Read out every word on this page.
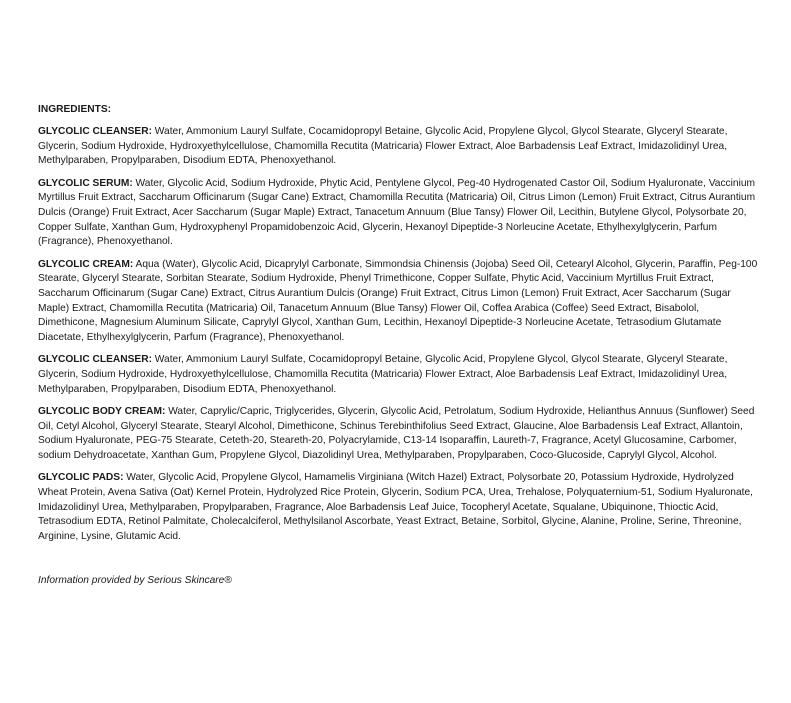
INGREDIENTS:

GLYCOLIC CLEANSER: Water, Ammonium Lauryl Sulfate, Cocamidopropyl Betaine, Glycolic Acid, Propylene Glycol, Glycol Stearate, Glyceryl Stearate, Glycerin, Sodium Hydroxide, Hydroxyethylcellulose, Chamomilla Recutita (Matricaria) Flower Extract, Aloe Barbadensis Leaf Extract, Imidazolidinyl Urea, Methylparaben, Propylparaben, Disodium EDTA, Phenoxyethanol.

GLYCOLIC SERUM: Water, Glycolic Acid, Sodium Hydroxide, Phytic Acid, Pentylene Glycol, Peg-40 Hydrogenated Castor Oil, Sodium Hyaluronate, Vaccinium Myrtillus Fruit Extract, Saccharum Officinarum (Sugar Cane) Extract, Chamomilla Recutita (Matricaria) Oil, Citrus Limon (Lemon) Fruit Extract, Citrus Aurantium Dulcis (Orange) Fruit Extract, Acer Saccharum (Sugar Maple) Extract, Tanacetum Annuum (Blue Tansy) Flower Oil, Lecithin, Butylene Glycol, Polysorbate 20, Copper Sulfate, Xanthan Gum, Hydroxyphenyl Propamidobenzoic Acid, Glycerin, Hexanoyl Dipeptide-3 Norleucine Acetate, Ethylhexylglycerin, Parfum (Fragrance), Phenoxyethanol.

GLYCOLIC CREAM: Aqua (Water), Glycolic Acid, Dicaprylyl Carbonate, Simmondsia Chinensis (Jojoba) Seed Oil, Cetearyl Alcohol, Glycerin, Paraffin, Peg-100 Stearate, Glyceryl Stearate, Sorbitan Stearate, Sodium Hydroxide, Phenyl Trimethicone, Copper Sulfate, Phytic Acid, Vaccinium Myrtillus Fruit Extract, Saccharum Officinarum (Sugar Cane) Extract, Citrus Aurantium Dulcis (Orange) Fruit Extract, Citrus Limon (Lemon) Fruit Extract, Acer Saccharum (Sugar Maple) Extract, Chamomilla Recutita (Matricaria) Oil, Tanacetum Annuum (Blue Tansy) Flower Oil, Coffea Arabica (Coffee) Seed Extract, Bisabolol, Dimethicone, Magnesium Aluminum Silicate, Caprylyl Glycol, Xanthan Gum, Lecithin, Hexanoyl Dipeptide-3 Norleucine Acetate, Tetrasodium Glutamate Diacetate, Ethylhexylglycerin, Parfum (Fragrance), Phenoxyethanol.

GLYCOLIC CLEANSER: Water, Ammonium Lauryl Sulfate, Cocamidopropyl Betaine, Glycolic Acid, Propylene Glycol, Glycol Stearate, Glyceryl Stearate, Glycerin, Sodium Hydroxide, Hydroxyethylcellulose, Chamomilla Recutita (Matricaria) Flower Extract, Aloe Barbadensis Leaf Extract, Imidazolidinyl Urea, Methylparaben, Propylparaben, Disodium EDTA, Phenoxyethanol.

GLYCOLIC BODY CREAM: Water, Caprylic/Capric, Triglycerides, Glycerin, Glycolic Acid, Petrolatum, Sodium Hydroxide, Helianthus Annuus (Sunflower) Seed Oil, Cetyl Alcohol, Glyceryl Stearate, Stearyl Alcohol, Dimethicone, Schinus Terebinthifolius Seed Extract, Glaucine, Aloe Barbadensis Leaf Extract, Allantoin, Sodium Hyaluronate, PEG-75 Stearate, Ceteth-20, Steareth-20, Polyacrylamide, C13-14 Isoparaffin, Laureth-7, Fragrance, Acetyl Glucosamine, Carbomer, sodium Dehydroacetate, Xanthan Gum, Propylene Glycol, Diazolidinyl Urea, Methylparaben, Propylparaben, Coco-Glucoside, Caprylyl Glycol, Alcohol.

GLYCOLIC PADS: Water, Glycolic Acid, Propylene Glycol, Hamamelis Virginiana (Witch Hazel) Extract, Polysorbate 20, Potassium Hydroxide, Hydrolyzed Wheat Protein, Avena Sativa (Oat) Kernel Protein, Hydrolyzed Rice Protein, Glycerin, Sodium PCA, Urea, Trehalose, Polyquaternium-51, Sodium Hyaluronate, Imidazolidinyl Urea, Methylparaben, Propylparaben, Fragrance, Aloe Barbadensis Leaf Juice, Tocopheryl Acetate, Squalane, Ubiquinone, Thioctic Acid, Tetrasodium EDTA, Retinol Palmitate, Cholecalciferol, Methylsilanol Ascorbate, Yeast Extract, Betaine, Sorbitol, Glycine, Alanine, Proline, Serine, Threonine, Arginine, Lysine, Glutamic Acid.

Information provided by Serious Skincare®
